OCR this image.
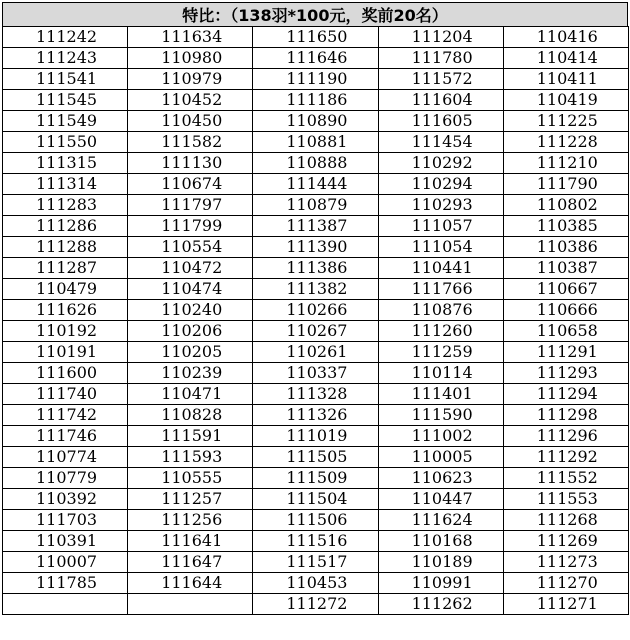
特比：（138羽*100元，奖前20名）
111242	111634	111650	111204	110416
111243	110980	111646	111780	110414
111541	110979	111190	111572	110411
111545	110452	111186	111604	110419
111549	110450	110890	111605	111225
111550	111582	110881	111454	111228
111315	111130	110888	110292	111210
111314	110674	111444	110294	111790
111283	111797	110879	110293	110802
111286	111799	111387	111057	110385
111288	110554	111390	111054	110386
111287	110472	111386	110441	110387
110479	110474	111382	111766	110667
111626	110240	110266	110876	110666
110192	110206	110267	111260	110658
110191	110205	110261	111259	111291
111600	110239	110337	110114	111293
111740	110471	111328	111401	111294
111742	110828	111326	111590	111298
111746	111591	111019	111002	111296
110774	111593	111505	110005	111292
110779	110555	111509	110623	111552
110392	111257	111504	110447	111553
111703	111256	111506	111624	111268
110391	111641	111516	110168	111269
110007	111647	111517	110189	111273
111785	111644	110453	110991	111270
		111272	111262	111271
